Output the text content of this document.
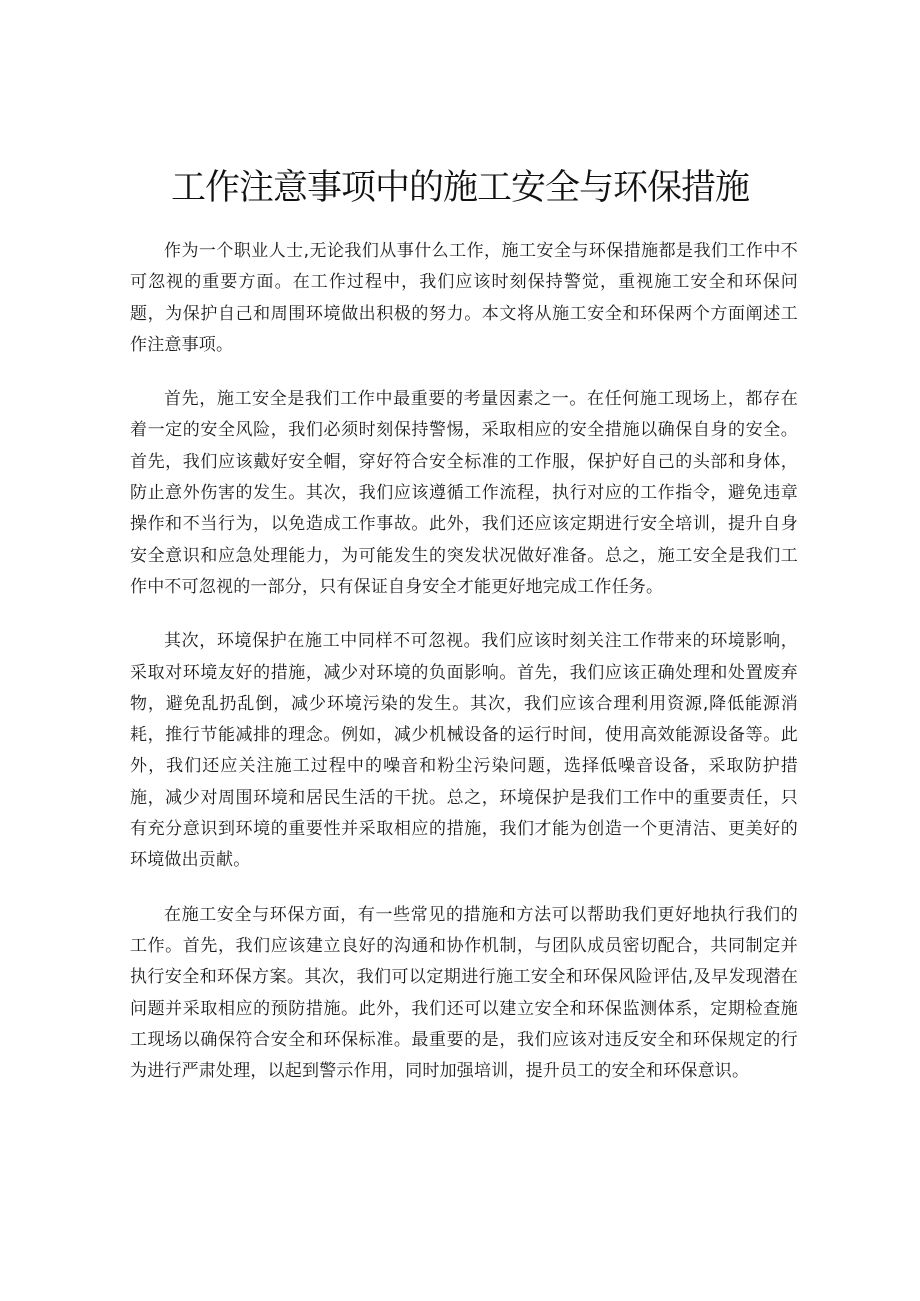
工作注意事项中的施工安全与环保措施

作为一个职业人士,无论我们从事什么工作，施工安全与环保措施都是我们工作中不可忽视的重要方面。在工作过程中，我们应该时刻保持警觉，重视施工安全和环保问题，为保护自己和周围环境做出积极的努力。本文将从施工安全和环保两个方面阐述工作注意事项。

首先，施工安全是我们工作中最重要的考量因素之一。在任何施工现场上，都存在着一定的安全风险，我们必须时刻保持警惕，采取相应的安全措施以确保自身的安全。首先，我们应该戴好安全帽，穿好符合安全标准的工作服，保护好自己的头部和身体，防止意外伤害的发生。其次，我们应该遵循工作流程，执行对应的工作指令，避免违章操作和不当行为，以免造成工作事故。此外，我们还应该定期进行安全培训，提升自身安全意识和应急处理能力，为可能发生的突发状况做好准备。总之，施工安全是我们工作中不可忽视的一部分，只有保证自身安全才能更好地完成工作任务。

其次，环境保护在施工中同样不可忽视。我们应该时刻关注工作带来的环境影响，采取对环境友好的措施，减少对环境的负面影响。首先，我们应该正确处理和处置废弃物，避免乱扔乱倒，减少环境污染的发生。其次，我们应该合理利用资源,降低能源消耗，推行节能减排的理念。例如，减少机械设备的运行时间，使用高效能源设备等。此外，我们还应关注施工过程中的噪音和粉尘污染问题，选择低噪音设备，采取防护措施，减少对周围环境和居民生活的干扰。总之，环境保护是我们工作中的重要责任，只有充分意识到环境的重要性并采取相应的措施，我们才能为创造一个更清洁、更美好的环境做出贡献。

在施工安全与环保方面，有一些常见的措施和方法可以帮助我们更好地执行我们的工作。首先，我们应该建立良好的沟通和协作机制，与团队成员密切配合，共同制定并执行安全和环保方案。其次，我们可以定期进行施工安全和环保风险评估,及早发现潜在问题并采取相应的预防措施。此外，我们还可以建立安全和环保监测体系，定期检查施工现场以确保符合安全和环保标准。最重要的是，我们应该对违反安全和环保规定的行为进行严肃处理，以起到警示作用，同时加强培训，提升员工的安全和环保意识。
